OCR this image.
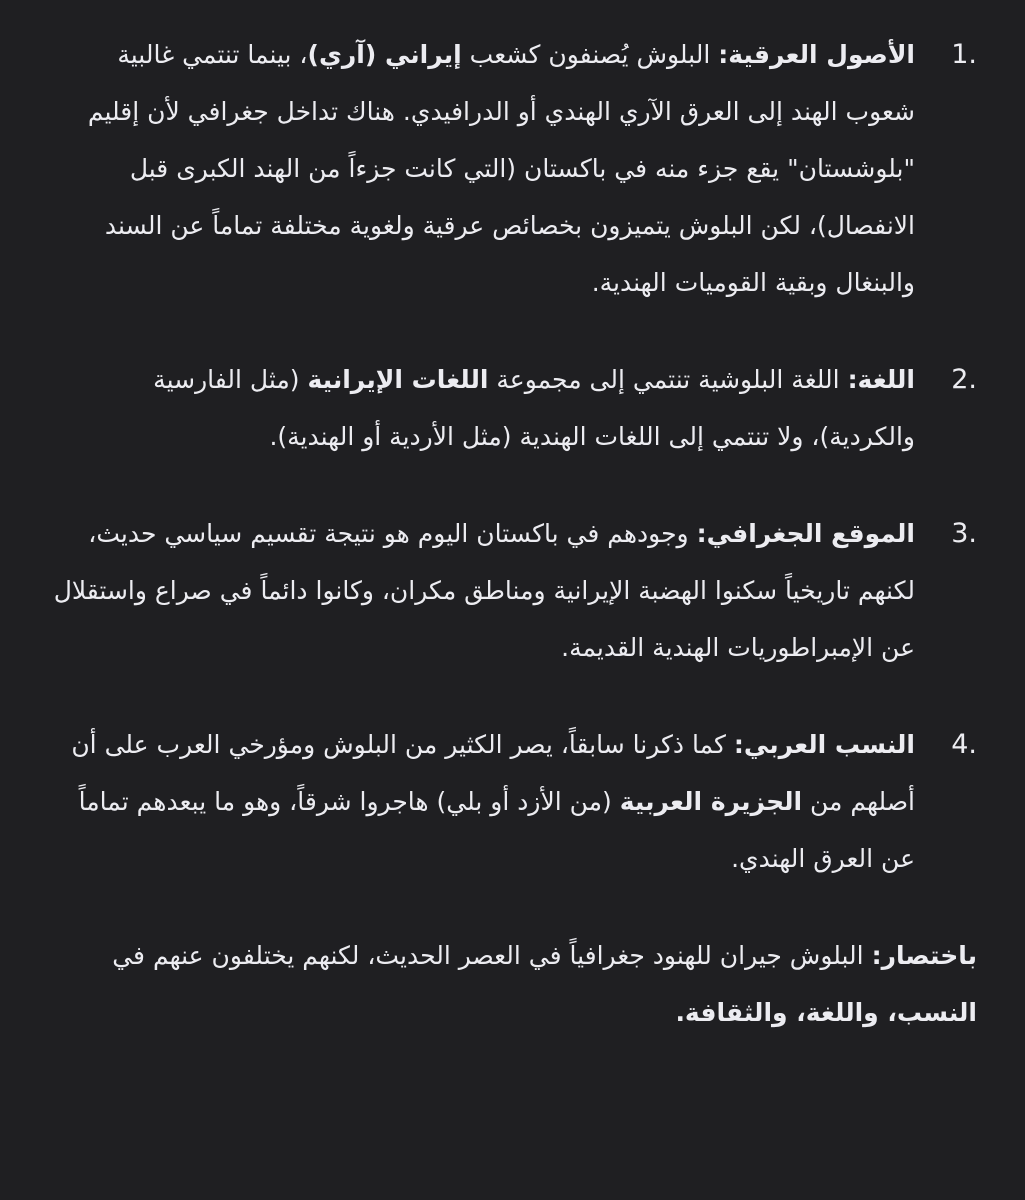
1.
الأصول العرقية: البلوش يُصنفون كشعب إيراني (آري)، بينما تنتمي غالبية شعوب الهند إلى العرق الآري الهندي أو الدرافيدي. هناك تداخل جغرافي لأن إقليم "بلوشستان" يقع جزء منه في باكستان (التي كانت جزءاً من الهند الكبرى قبل الانفصال)، لكن البلوش يتميزون بخصائص عرقية ولغوية مختلفة تماماً عن السند والبنغال وبقية القوميات الهندية.
2.
اللغة: اللغة البلوشية تنتمي إلى مجموعة اللغات الإيرانية (مثل الفارسية والكردية)، ولا تنتمي إلى اللغات الهندية (مثل الأردية أو الهندية).
3.
الموقع الجغرافي: وجودهم في باكستان اليوم هو نتيجة تقسيم سياسي حديث، لكنهم تاريخياً سكنوا الهضبة الإيرانية ومناطق مكران، وكانوا دائماً في صراع واستقلال عن الإمبراطوريات الهندية القديمة.
4.
النسب العربي: كما ذكرنا سابقاً، يصر الكثير من البلوش ومؤرخي العرب على أن أصلهم من الجزيرة العربية (من الأزد أو بلي) هاجروا شرقاً، وهو ما يبعدهم تماماً عن العرق الهندي.

باختصار: البلوش جيران للهنود جغرافياً في العصر الحديث، لكنهم يختلفون عنهم في النسب، واللغة، والثقافة.
